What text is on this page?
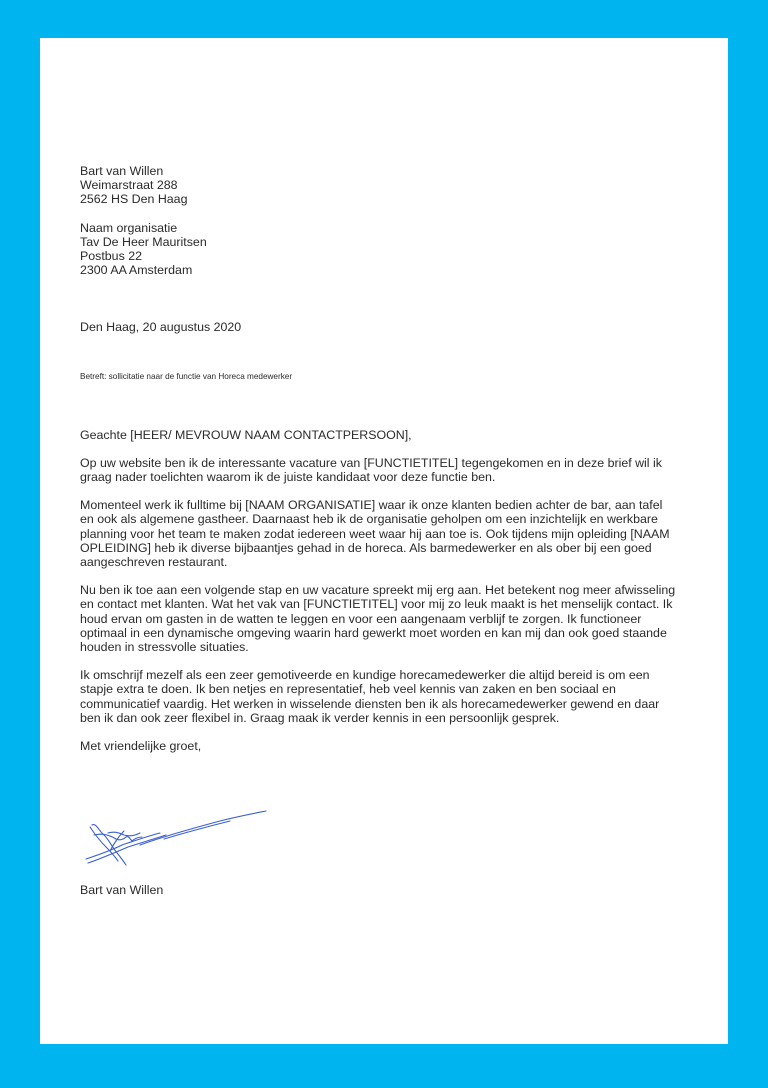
Bart van Willen
Weimarstraat 288
2562 HS Den Haag
Naam organisatie
Tav De Heer Mauritsen
Postbus 22
2300 AA Amsterdam
Den Haag, 20 augustus 2020
Betreft: sollicitatie naar de functie van Horeca medewerker
Geachte [HEER/ MEVROUW NAAM CONTACTPERSOON],
Op uw website ben ik de interessante vacature van [FUNCTIETITEL] tegengekomen en in deze brief wil ik
graag nader toelichten waarom ik de juiste kandidaat voor deze functie ben.
Momenteel werk ik fulltime bij [NAAM ORGANISATIE] waar ik onze klanten bedien achter de bar, aan tafel
en ook als algemene gastheer. Daarnaast heb ik de organisatie geholpen om een inzichtelijk en werkbare
planning voor het team te maken zodat iedereen weet waar hij aan toe is. Ook tijdens mijn opleiding [NAAM
OPLEIDING] heb ik diverse bijbaantjes gehad in de horeca. Als barmedewerker en als ober bij een goed
aangeschreven restaurant.
Nu ben ik toe aan een volgende stap en uw vacature spreekt mij erg aan. Het betekent nog meer afwisseling
en contact met klanten. Wat het vak van [FUNCTIETITEL] voor mij zo leuk maakt is het menselijk contact. Ik
houd ervan om gasten in de watten te leggen en voor een aangenaam verblijf te zorgen. Ik functioneer
optimaal in een dynamische omgeving waarin hard gewerkt moet worden en kan mij dan ook goed staande
houden in stressvolle situaties.
Ik omschrijf mezelf als een zeer gemotiveerde en kundige horecamedewerker die altijd bereid is om een
stapje extra te doen. Ik ben netjes en representatief, heb veel kennis van zaken en ben sociaal en
communicatief vaardig. Het werken in wisselende diensten ben ik als horecamedewerker gewend en daar
ben ik dan ook zeer flexibel in. Graag maak ik verder kennis in een persoonlijk gesprek.
Met vriendelijke groet,
Bart van Willen
